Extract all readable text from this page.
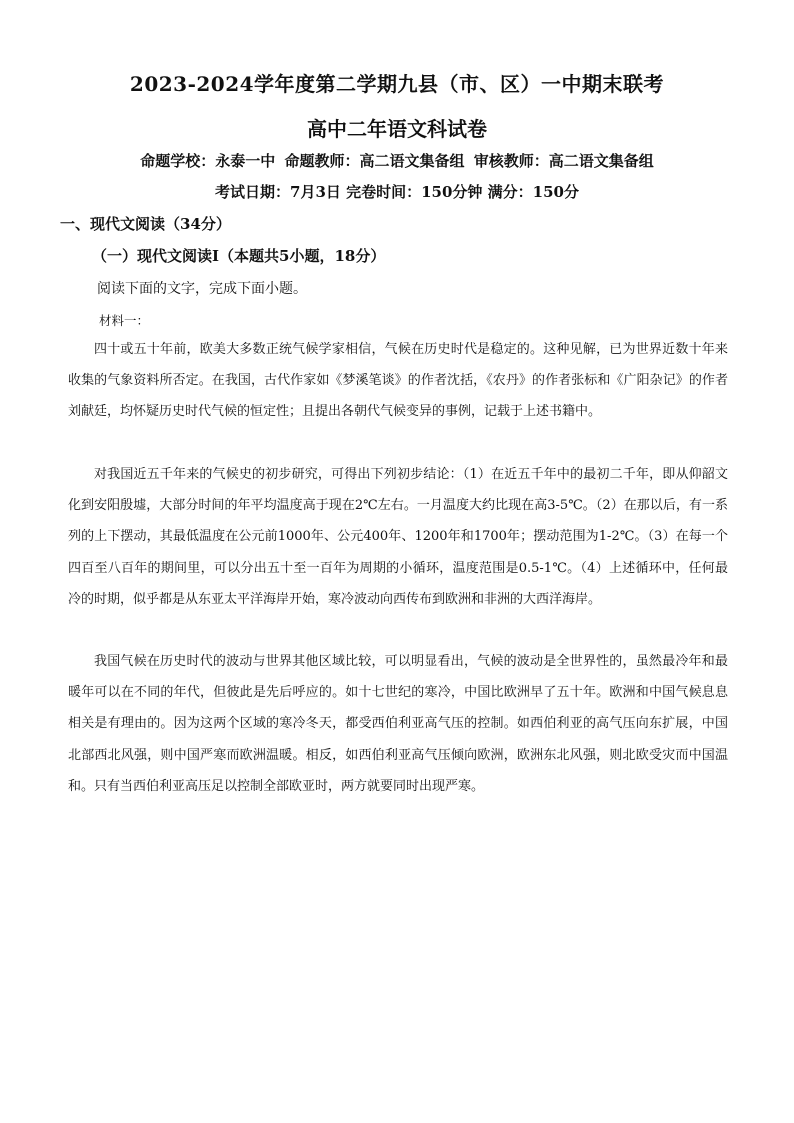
2023-2024学年度第二学期九县（市、区）一中期末联考
高中二年语文科试卷
命题学校：永泰一中 命题教师：高二语文集备组 审核教师：高二语文集备组
考试日期：7月3日 完卷时间：150分钟 满分：150分
一、现代文阅读（34分）
（一）现代文阅读Ⅰ（本题共5小题，18分）
阅读下面的文字，完成下面小题。
材料一：

四十或五十年前，欧美大多数正统气候学家相信，气候在历史时代是稳定的。这种见解，已为世界近数十年来收集的气象资料所否定。在我国，古代作家如《梦溪笔谈》的作者沈括，《农丹》的作者张标和《广阳杂记》的作者刘献廷，均怀疑历史时代气候的恒定性；且提出各朝代气候变异的事例，记载于上述书籍中。

对我国近五千年来的气候史的初步研究，可得出下列初步结论：（1）在近五千年中的最初二千年，即从仰韶文化到安阳殷墟，大部分时间的年平均温度高于现在2℃左右。一月温度大约比现在高3-5℃。（2）在那以后，有一系列的上下摆动，其最低温度在公元前1000年、公元400年、1200年和1700年；摆动范围为1-2℃。（3）在每一个四百至八百年的期间里，可以分出五十至一百年为周期的小循环，温度范围是0.5-1℃。（4）上述循环中，任何最冷的时期，似乎都是从东亚太平洋海岸开始，寒冷波动向西传布到欧洲和非洲的大西洋海岸。

我国气候在历史时代的波动与世界其他区域比较，可以明显看出，气候的波动是全世界性的，虽然最冷年和最暖年可以在不同的年代，但彼此是先后呼应的。如十七世纪的寒冷，中国比欧洲早了五十年。欧洲和中国气候息息相关是有理由的。因为这两个区域的寒冷冬天，都受西伯利亚高气压的控制。如西伯利亚的高气压向东扩展，中国北部西北风强，则中国严寒而欧洲温暖。相反，如西伯利亚高气压倾向欧洲，欧洲东北风强，则北欧受灾而中国温和。只有当西伯利亚高压足以控制全部欧亚时，两方就要同时出现严寒。
